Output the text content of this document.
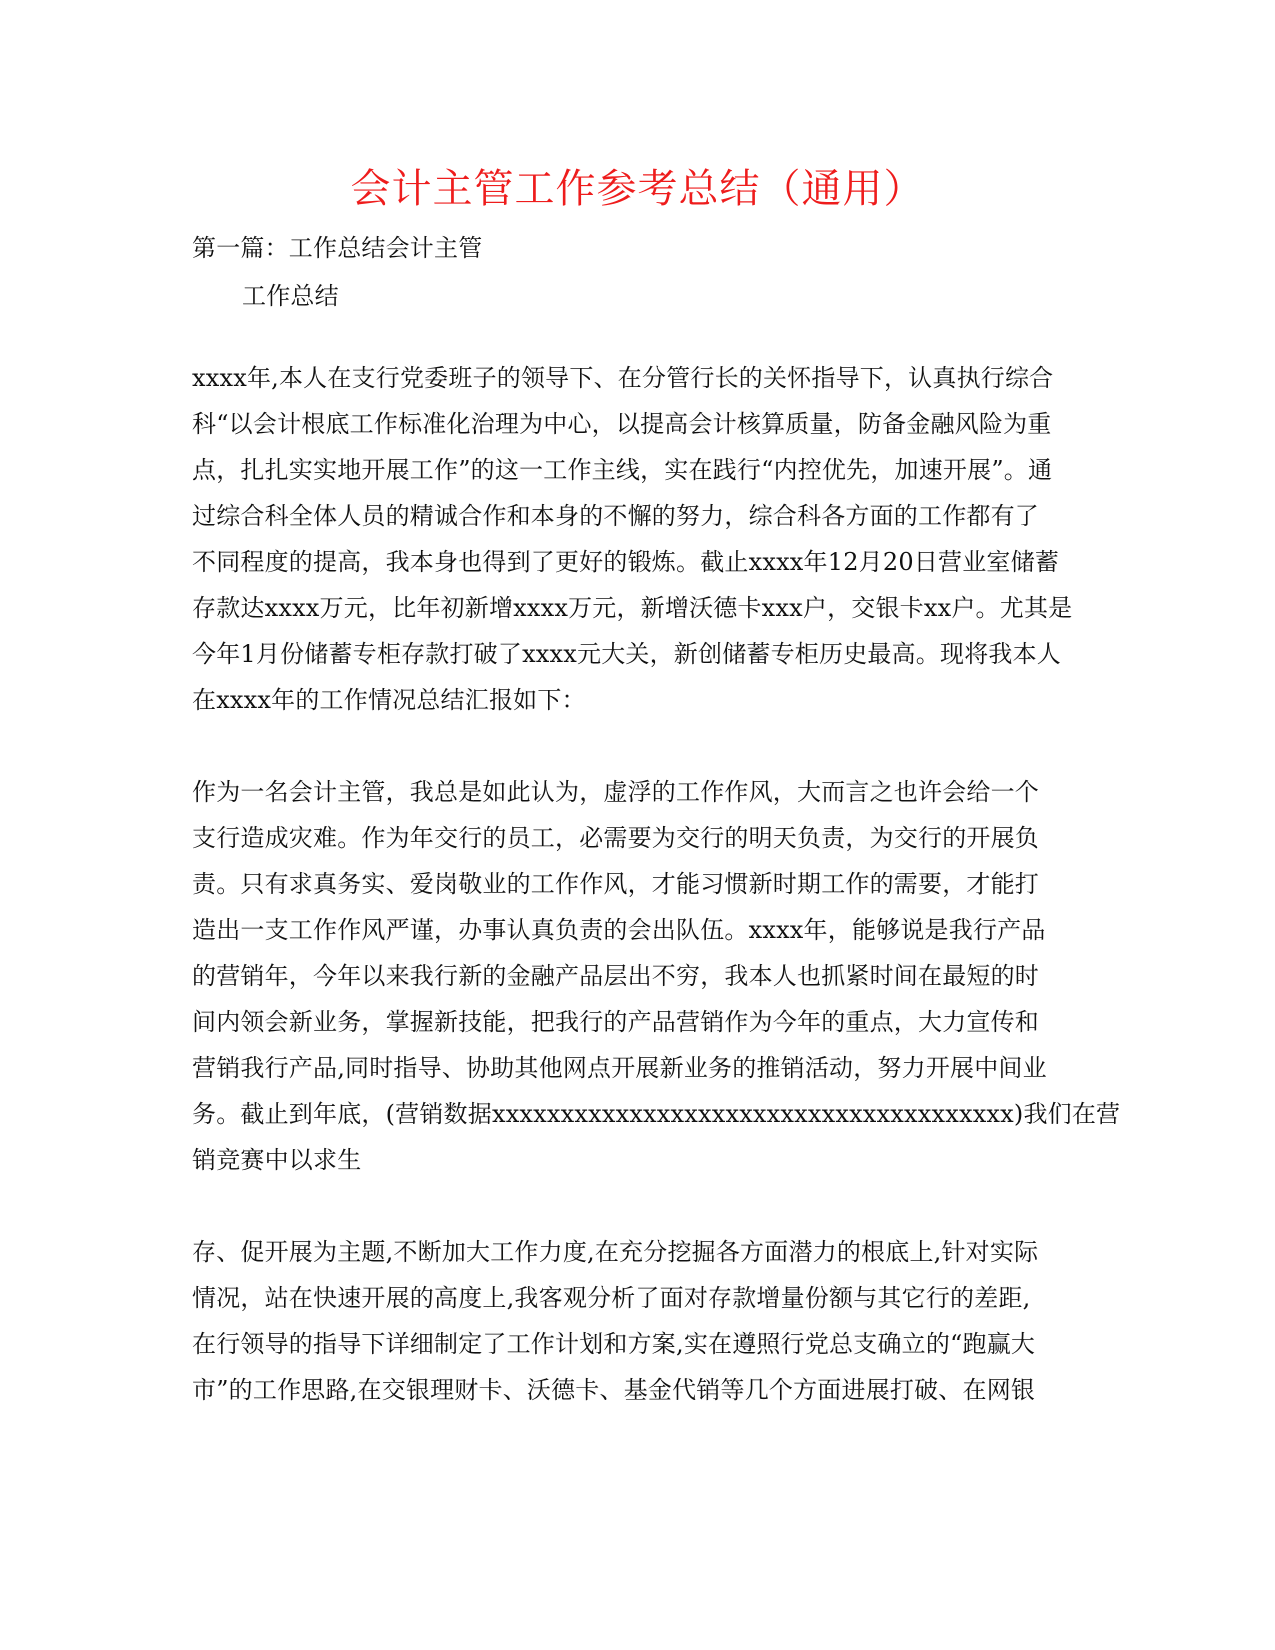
会计主管工作参考总结（通用）
第一篇：工作总结会计主管
工作总结
xxxx年,本人在支行党委班子的领导下、在分管行长的关怀指导下，认真执行综合
科“以会计根底工作标准化治理为中心，以提高会计核算质量，防备金融风险为重
点，扎扎实实地开展工作”的这一工作主线，实在践行“内控优先，加速开展”。通
过综合科全体人员的精诚合作和本身的不懈的努力，综合科各方面的工作都有了
不同程度的提高，我本身也得到了更好的锻炼。截止xxxx年12月20日营业室储蓄
存款达xxxx万元，比年初新增xxxx万元，新增沃德卡xxx户，交银卡xx户。尤其是
今年1月份储蓄专柜存款打破了xxxx元大关，新创储蓄专柜历史最高。现将我本人
在xxxx年的工作情况总结汇报如下：
作为一名会计主管，我总是如此认为，虚浮的工作作风，大而言之也许会给一个
支行造成灾难。作为年交行的员工，必需要为交行的明天负责，为交行的开展负
责。只有求真务实、爱岗敬业的工作作风，才能习惯新时期工作的需要，才能打
造出一支工作作风严谨，办事认真负责的会出队伍。xxxx年，能够说是我行产品
的营销年，今年以来我行新的金融产品层出不穷，我本人也抓紧时间在最短的时
间内领会新业务，掌握新技能，把我行的产品营销作为今年的重点，大力宣传和
营销我行产品,同时指导、协助其他网点开展新业务的推销活动，努力开展中间业
务。截止到年底，(营销数据xxxxxxxxxxxxxxxxxxxxxxxxxxxxxxxxxxxxxx)我们在营
销竞赛中以求生
存、促开展为主题,不断加大工作力度,在充分挖掘各方面潜力的根底上,针对实际
情况，站在快速开展的高度上,我客观分析了面对存款增量份额与其它行的差距,
在行领导的指导下详细制定了工作计划和方案,实在遵照行党总支确立的“跑赢大
市”的工作思路,在交银理财卡、沃德卡、基金代销等几个方面进展打破、在网银
